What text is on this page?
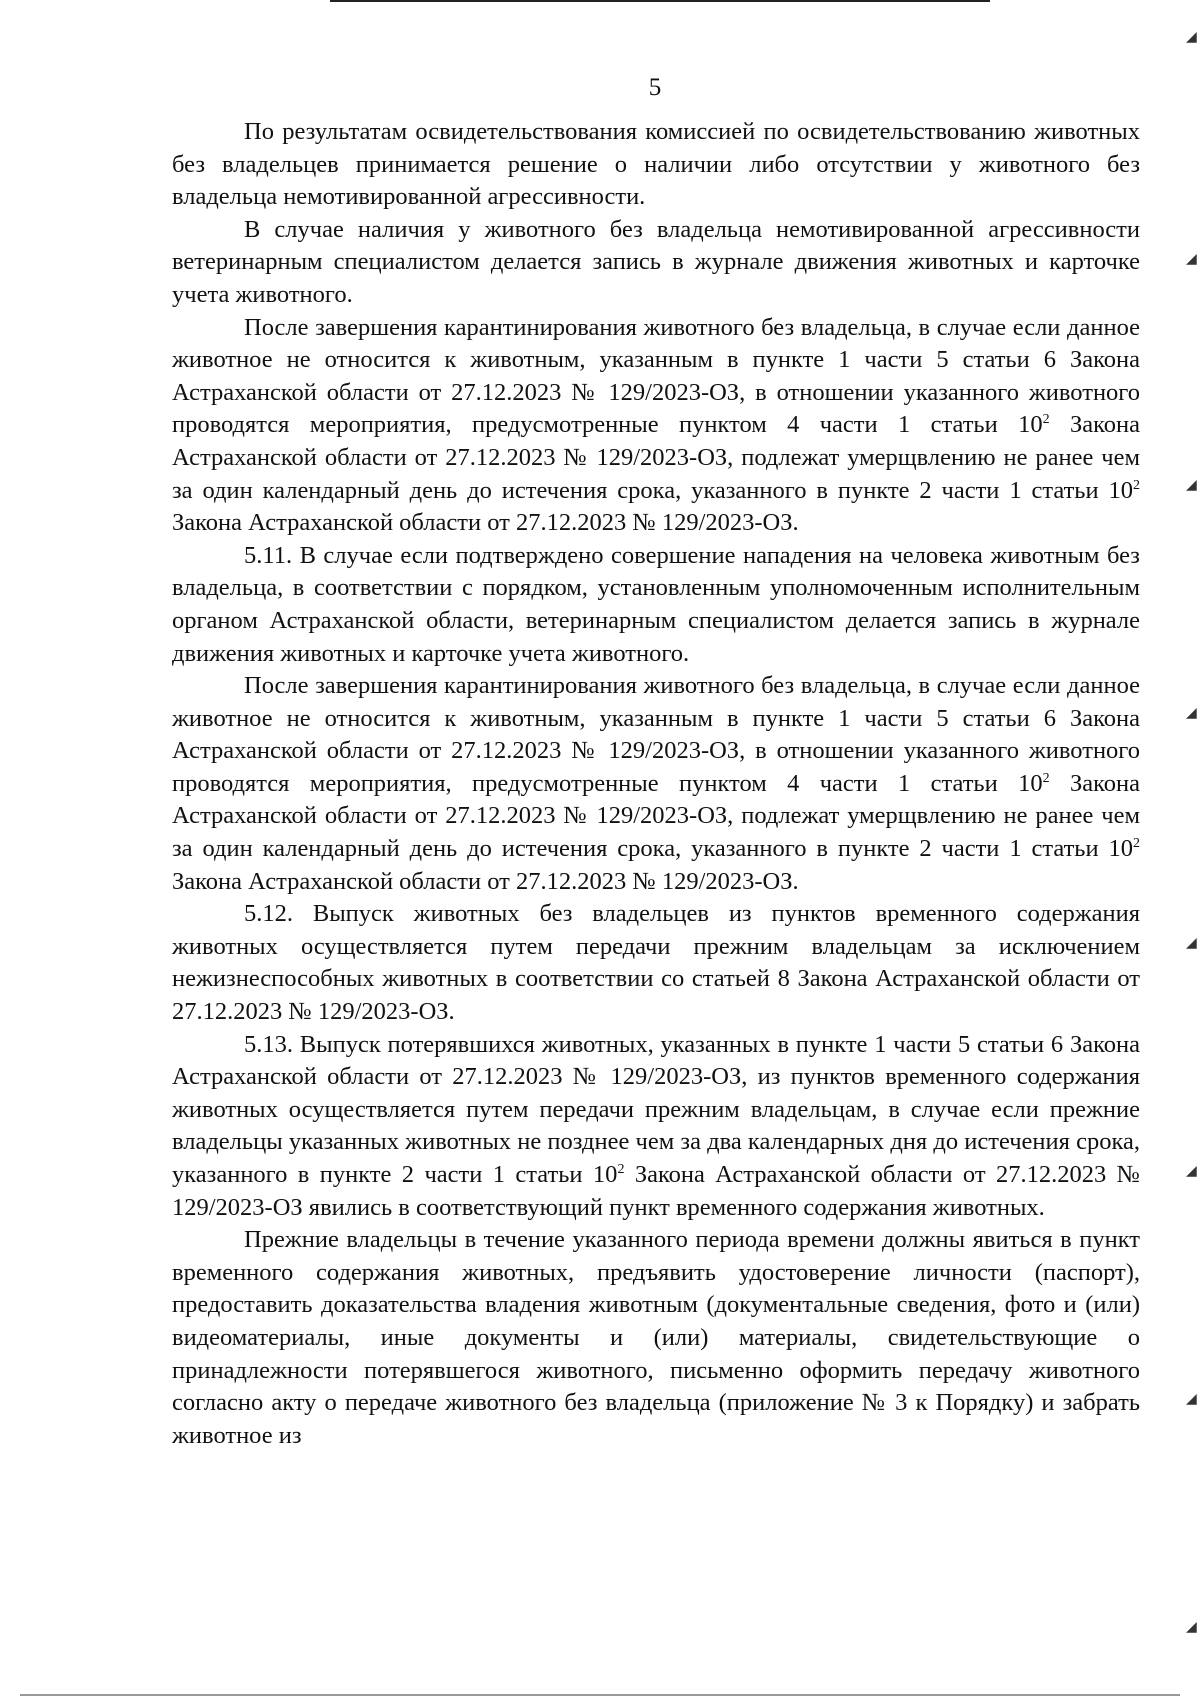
5

По результатам освидетельствования комиссией по освидетельствованию животных без владельцев принимается решение о наличии либо отсутствии у животного без владельца немотивированной агрессивности.

В случае наличия у животного без владельца немотивированной агрессивности ветеринарным специалистом делается запись в журнале движения животных и карточке учета животного.

После завершения карантинирования животного без владельца, в случае если данное животное не относится к животным, указанным в пункте 1 части 5 статьи 6 Закона Астраханской области от 27.12.2023 № 129/2023-ОЗ, в отношении указанного животного проводятся мероприятия, предусмотренные пунктом 4 части 1 статьи $10^2$ Закона Астраханской области от 27.12.2023 № 129/2023-ОЗ, подлежат умерщвлению не ранее чем за один календарный день до истечения срока, указанного в пункте 2 части 1 статьи $10^2$ Закона Астраханской области от 27.12.2023 № 129/2023-ОЗ.

5.11. В случае если подтверждено совершение нападения на человека животным без владельца, в соответствии с порядком, установленным уполномоченным исполнительным органом Астраханской области, ветеринарным специалистом делается запись в журнале движения животных и карточке учета животного.

После завершения карантинирования животного без владельца, в случае если данное животное не относится к животным, указанным в пункте 1 части 5 статьи 6 Закона Астраханской области от 27.12.2023 № 129/2023-ОЗ, в отношении указанного животного проводятся мероприятия, предусмотренные пунктом 4 части 1 статьи $10^2$ Закона Астраханской области от 27.12.2023 № 129/2023-ОЗ, подлежат умерщвлению не ранее чем за один календарный день до истечения срока, указанного в пункте 2 части 1 статьи $10^2$ Закона Астраханской области от 27.12.2023 № 129/2023-ОЗ.

5.12. Выпуск животных без владельцев из пунктов временного содержания животных осуществляется путем передачи прежним владельцам за исключением нежизнеспособных животных в соответствии со статьей 8 Закона Астраханской области от 27.12.2023 № 129/2023-ОЗ.

5.13. Выпуск потерявшихся животных, указанных в пункте 1 части 5 статьи 6 Закона Астраханской области от 27.12.2023 № 129/2023-ОЗ, из пунктов временного содержания животных осуществляется путем передачи прежним владельцам, в случае если прежние владельцы указанных животных не позднее чем за два календарных дня до истечения срока, указанного в пункте 2 части 1 статьи $10^2$ Закона Астраханской области от 27.12.2023 № 129/2023-ОЗ явились в соответствующий пункт временного содержания животных.

Прежние владельцы в течение указанного периода времени должны явиться в пункт временного содержания животных, предъявить удостоверение личности (паспорт), предоставить доказательства владения животным (документальные сведения, фото и (или) видеоматериалы, иные документы и (или) материалы, свидетельствующие о принадлежности потерявшегося животного, письменно оформить передачу животного согласно акту о передаче животного без владельца (приложение № 3 к Порядку) и забрать животное из

◢
◢
◢
◢
◢
◢
◢
◢
